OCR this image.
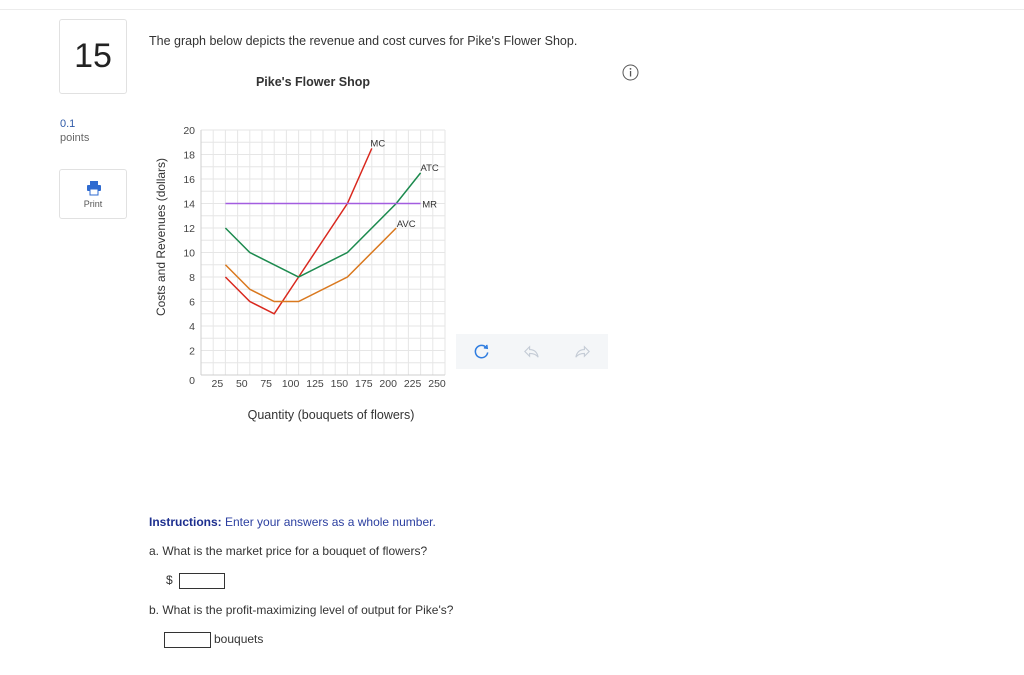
15
0.1
points
Print
The graph below depicts the revenue and cost curves for Pike's Flower Shop.
Pike's Flower Shop
0
2
4
6
8
10
12
14
16
18
20
25 50 75 100 125 150 175 200 225 250
MC
ATC
AVC
MR
Costs and Revenues (dollars)
Quantity (bouquets of flowers)
Instructions: Enter your answers as a whole number.
a. What is the market price for a bouquet of flowers?
$
b. What is the profit-maximizing level of output for Pike's?
bouquets
